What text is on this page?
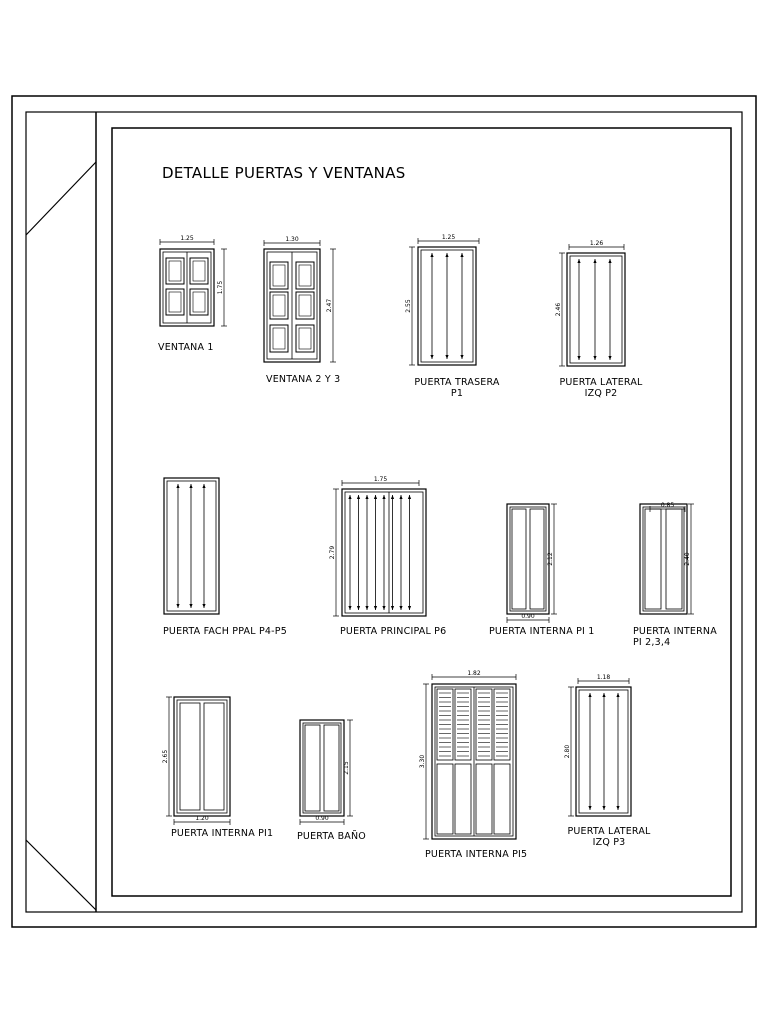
DETALLE PUERTAS Y VENTANAS
1.25
1.75
VENTANA 1
1.30
2.47
VENTANA 2 Y 3
1.25
2.55
PUERTA TRASERA
P1
1.26
2.46
PUERTA LATERAL
IZQ P2
PUERTA FACH PPAL P4-P5
1.75
2.79
PUERTA PRINCIPAL P6
2.12
0.90
PUERTA INTERNA PI 1
0.85
2.40
PUERTA INTERNA
PI 2,3,4
2.65
1.20
PUERTA INTERNA PI1
2.15
0.90
PUERTA BAÑO
1.82
3.30
PUERTA INTERNA PI5
1.18
2.80
PUERTA LATERAL
IZQ P3
